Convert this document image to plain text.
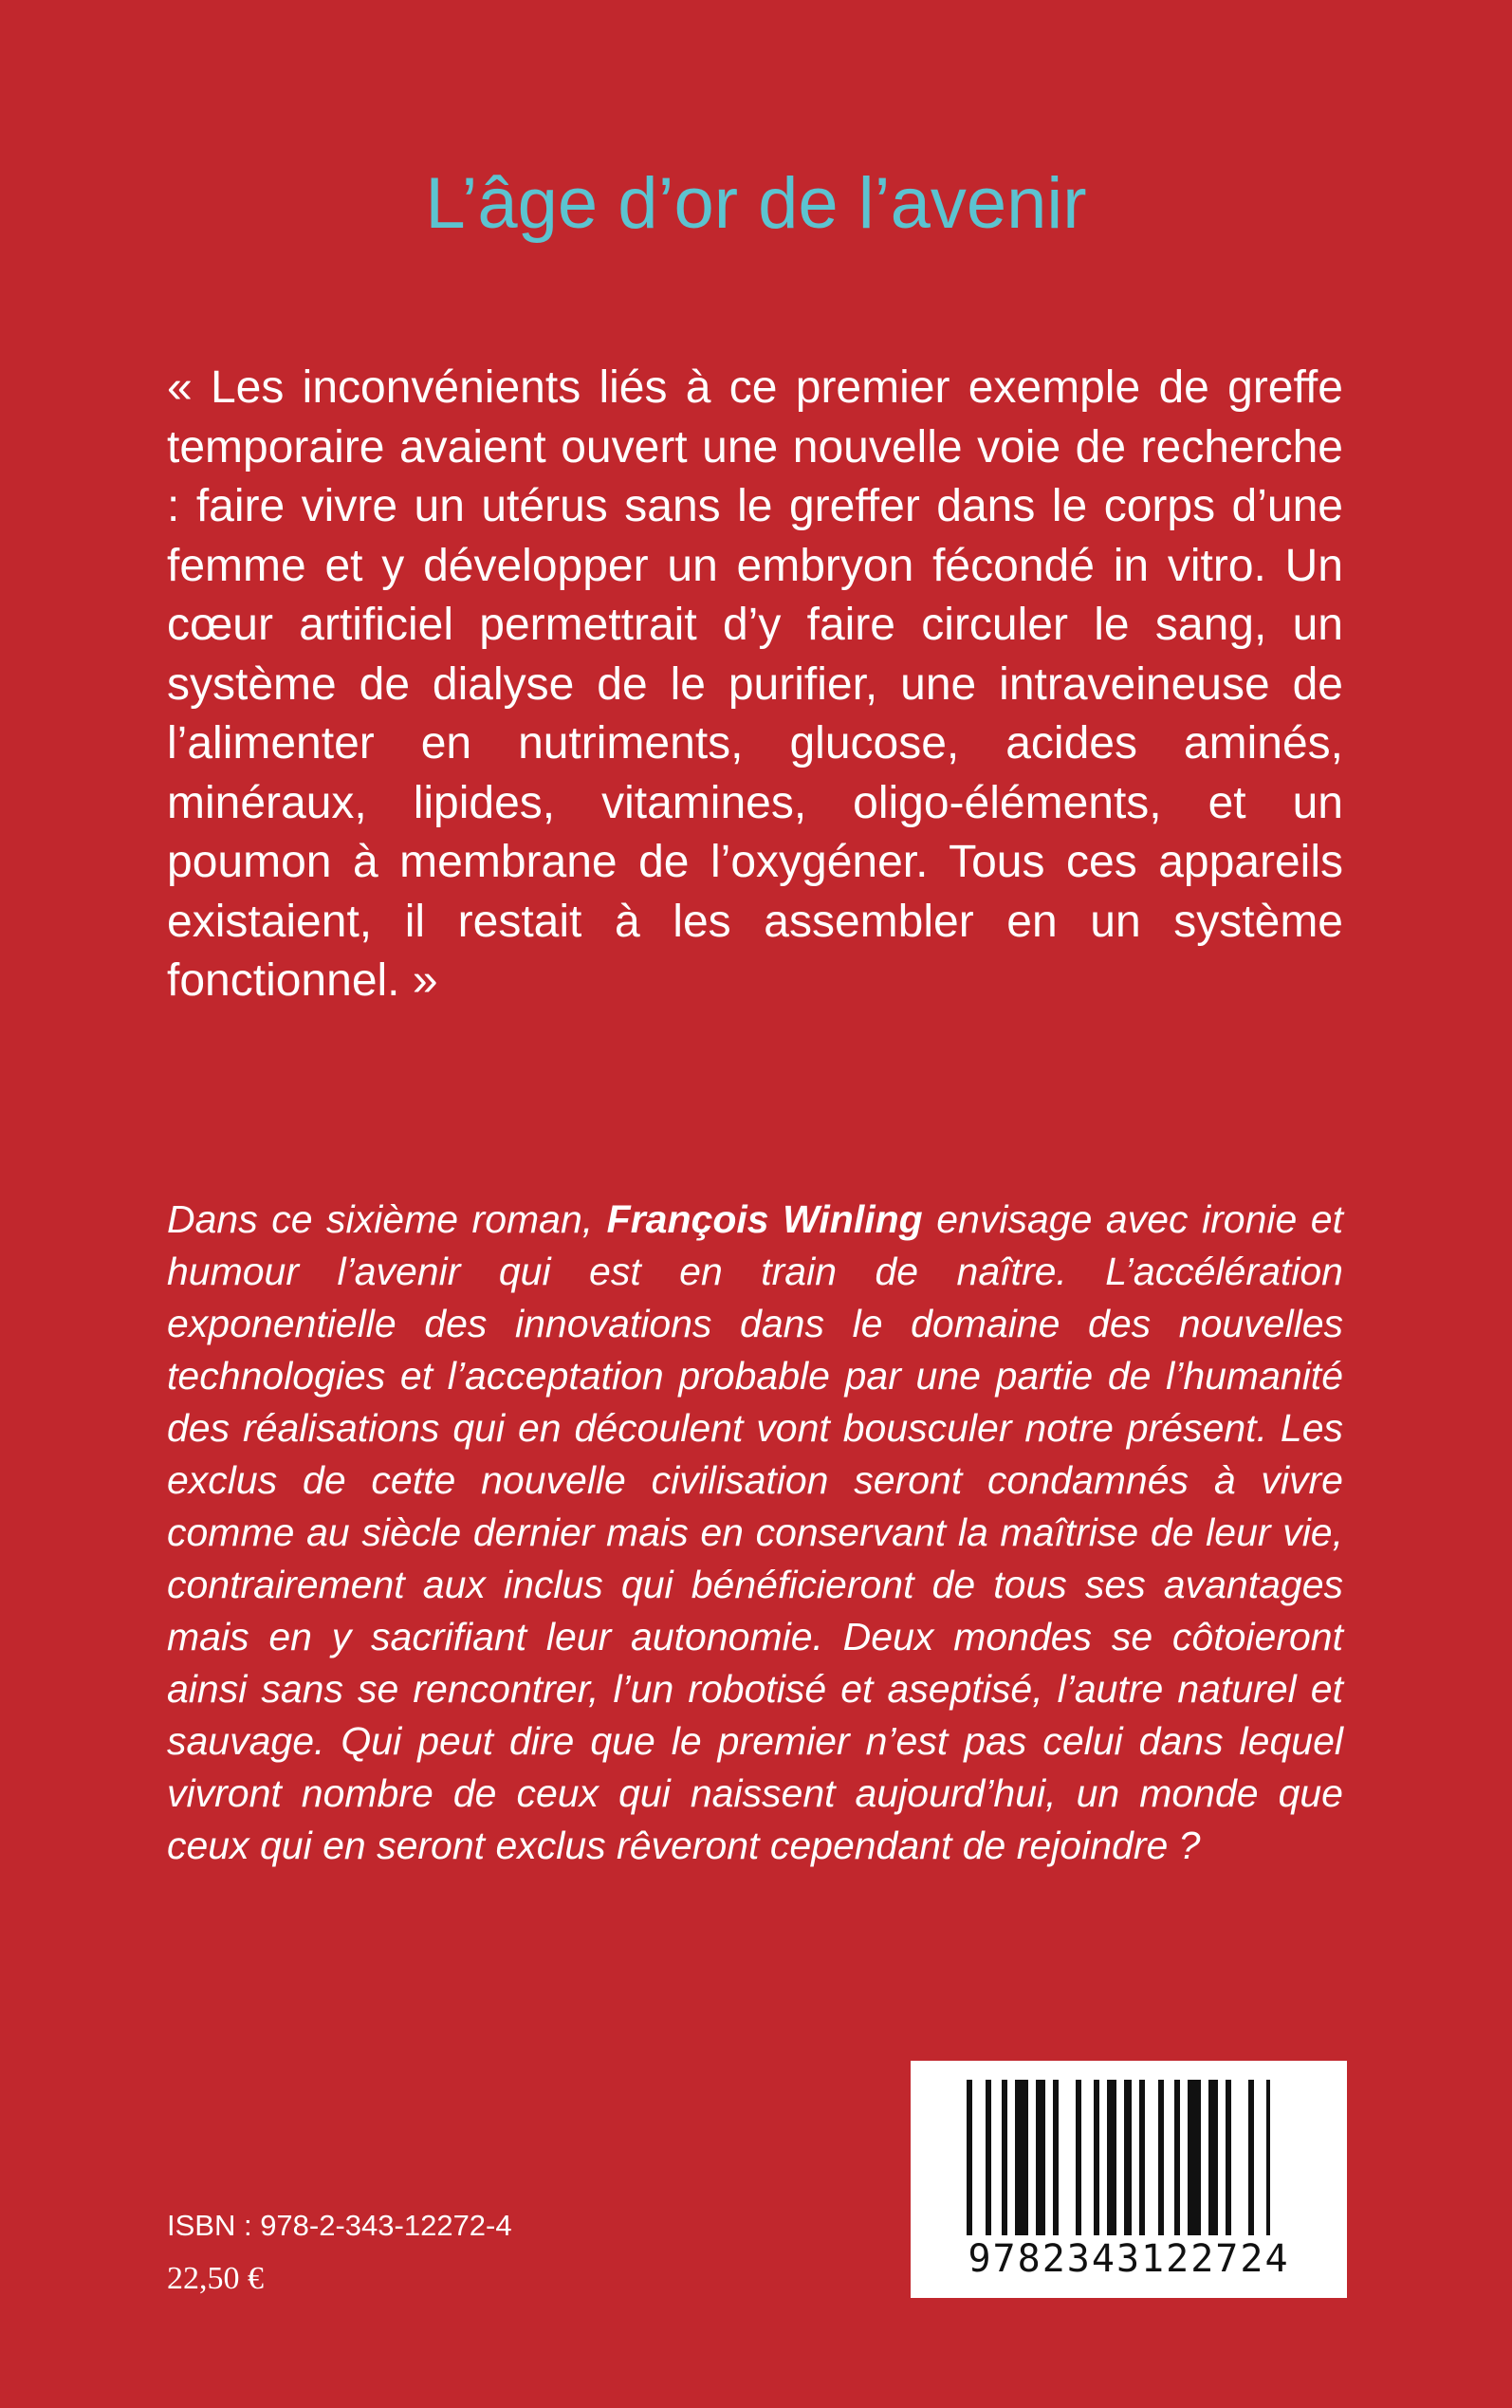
L’âge d’or de l’avenir

« Les inconvénients liés à ce premier exemple de greffe temporaire avaient ouvert une nouvelle voie de recherche : faire vivre un utérus sans le greffer dans le corps d’une femme et y développer un embryon fécondé in vitro. Un cœur artificiel permettrait d’y faire circuler le sang, un système de dialyse de le purifier, une intraveineuse de l’alimenter en nutriments, glucose, acides aminés, minéraux, lipides, vitamines, oligo-éléments, et un poumon à membrane de l’oxygéner. Tous ces appareils existaient, il restait à les assembler en un système fonctionnel. »

Dans ce sixième roman, François Winling envisage avec ironie et humour l’avenir qui est en train de naître. L’accélération exponentielle des innovations dans le domaine des nouvelles technologies et l’acceptation probable par une partie de l’humanité des réalisations qui en découlent vont bousculer notre présent. Les exclus de cette nouvelle civilisation seront condamnés à vivre comme au siècle dernier mais en conservant la maîtrise de leur vie, contrairement aux inclus qui bénéficieront de tous ses avantages mais en y sacrifiant leur autonomie. Deux mondes se côtoieront ainsi sans se rencontrer, l’un robotisé et aseptisé, l’autre naturel et sauvage. Qui peut dire que le premier n’est pas celui dans lequel vivront nombre de ceux qui naissent aujourd’hui, un monde que ceux qui en seront exclus rêveront cependant de rejoindre ?

ISBN : 978-2-343-12272-4
22,50 €	9782343122724
